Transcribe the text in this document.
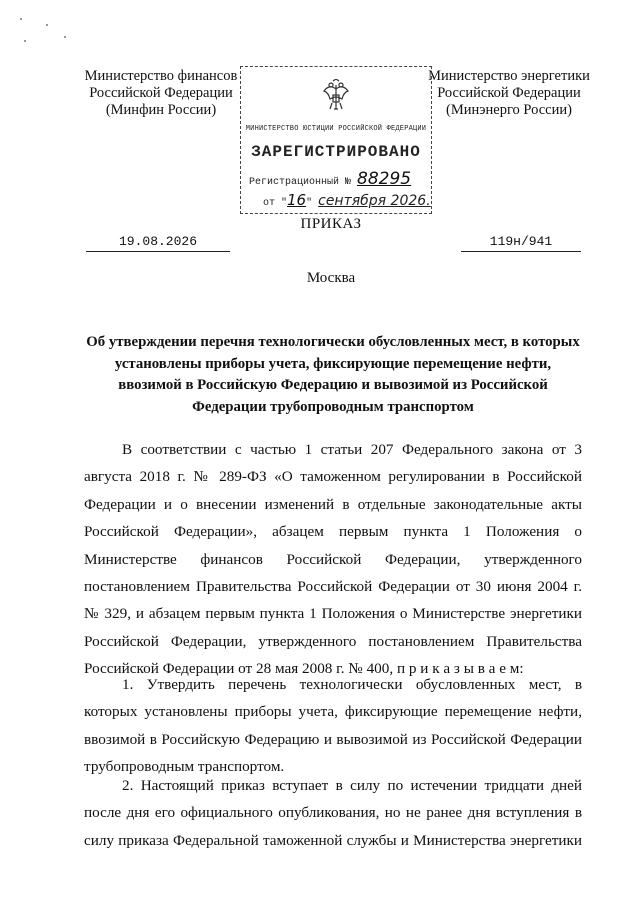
Министерство финансов
Российской Федерации
(Минфин России)
Министерство энергетики
Российской Федерации
(Минэнерго России)
МИНИСТЕРСТВО ЮСТИЦИИ РОССИЙСКОЙ ФЕДЕРАЦИИ
ЗАРЕГИСТРИРОВАНО
Регистрационный № 88295
от "16" сентября 2026.
ПРИКАЗ
19.08.2026	119н/941
Москва
Об утверждении перечня технологически обусловленных мест, в которых установлены приборы учета, фиксирующие перемещение нефти, ввозимой в Российскую Федерацию и вывозимой из Российской Федерации трубопроводным транспортом
В соответствии с частью 1 статьи 207 Федерального закона от 3 августа 2018 г. № 289-ФЗ «О таможенном регулировании в Российской Федерации и о внесении изменений в отдельные законодательные акты Российской Федерации», абзацем первым пункта 1 Положения о Министерстве финансов Российской Федерации, утвержденного постановлением Правительства Российской Федерации от 30 июня 2004 г. № 329, и абзацем первым пункта 1 Положения о Министерстве энергетики Российской Федерации, утвержденного постановлением Правительства Российской Федерации от 28 мая 2008 г. № 400, п р и к а з ы в а е м:
1. Утвердить перечень технологически обусловленных мест, в которых установлены приборы учета, фиксирующие перемещение нефти, ввозимой в Российскую Федерацию и вывозимой из Российской Федерации трубопроводным транспортом.
2. Настоящий приказ вступает в силу по истечении тридцати дней после дня его официального опубликования, но не ранее дня вступления в силу приказа Федеральной таможенной службы и Министерства энергетики
